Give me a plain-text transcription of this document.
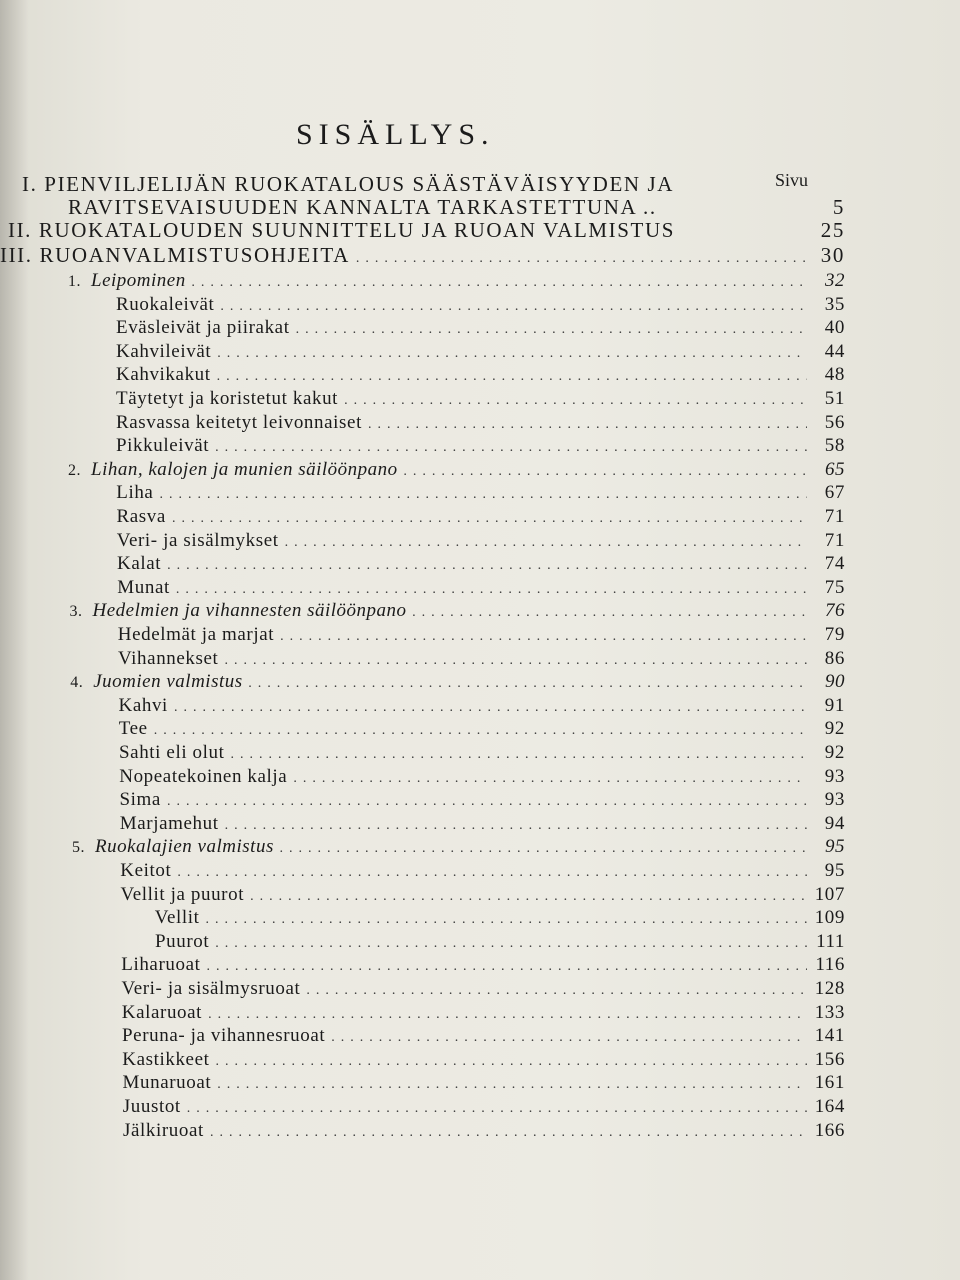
SISÄLLYS.
Sivu
I. PIENVILJELIJÄN RUOKATALOUS SÄÄSTÄVÄISYYDEN JA
RAVITSEVAISUUDEN KANNALTA TARKASTETTUNA ..	5
II. RUOKATALOUDEN SUUNNITTELU JA RUOAN VALMISTUS	25
III. RUOANVALMISTUSOHJEITA .....	30
1. Leipominen .....	32
Ruokaleivät .....	35
Eväsleivät ja piirakat .....	40
Kahvileivät .....	44
Kahvikakut .....	48
Täytetyt ja koristetut kakut .....	51
Rasvassa keitetyt leivonnaiset .....	56
Pikkuleivät .....	58
2. Lihan, kalojen ja munien säilöönpano .....	65
Liha .....	67
Rasva .....	71
Veri- ja sisälmykset .....	71
Kalat .....	74
Munat .....	75
3. Hedelmien ja vihannesten säilöönpano .....	76
Hedelmät ja marjat .....	79
Vihannekset .....	86
4. Juomien valmistus .....	90
Kahvi .....	91
Tee .....	92
Sahti eli olut .....	92
Nopeatekoinen kalja .....	93
Sima .....	93
Marjamehut .....	94
5. Ruokalajien valmistus .....	95
Keitot .....	95
Vellit ja puurot .....	107
Vellit .....	109
Puurot .....	111
Liharuoat .....	116
Veri- ja sisälmysruoat .....	128
Kalaruoat .....	133
Peruna- ja vihannesruoat .....	141
Kastikkeet .....	156
Munaruoat .....	161
Juustot .....	164
Jälkiruoat .....	166
